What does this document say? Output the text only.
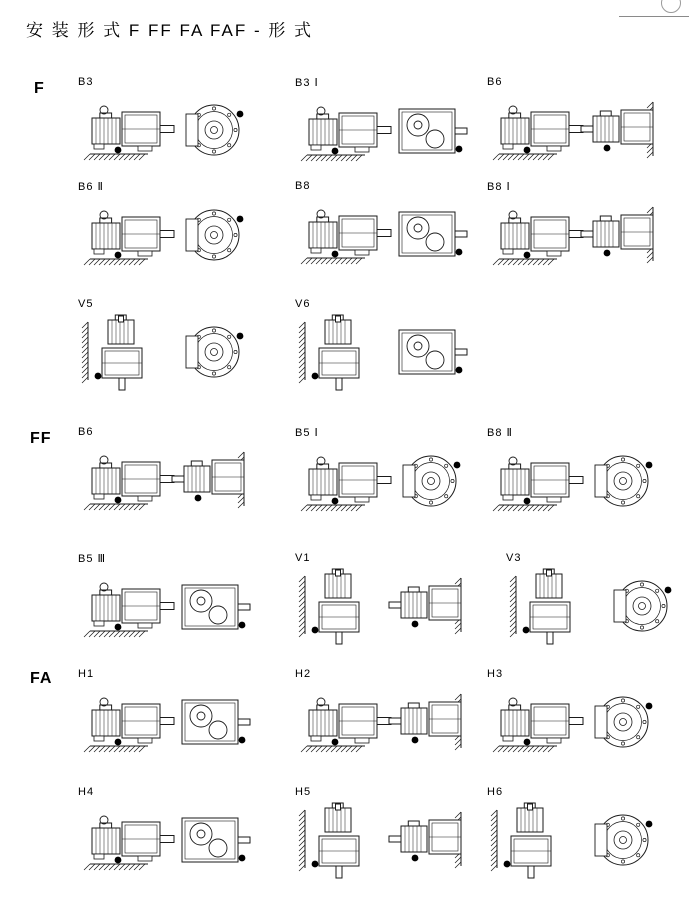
安 装 形 式 F FF FA FAF - 形 式
F	B3	B3 Ⅰ	B6
B6 Ⅱ	B8	B8 Ⅰ
V5	V6
FF B6	B5 Ⅰ	B8 Ⅱ
B5 Ⅲ	V1	V3
FA H1	H2	H3
H4	H5	H6
